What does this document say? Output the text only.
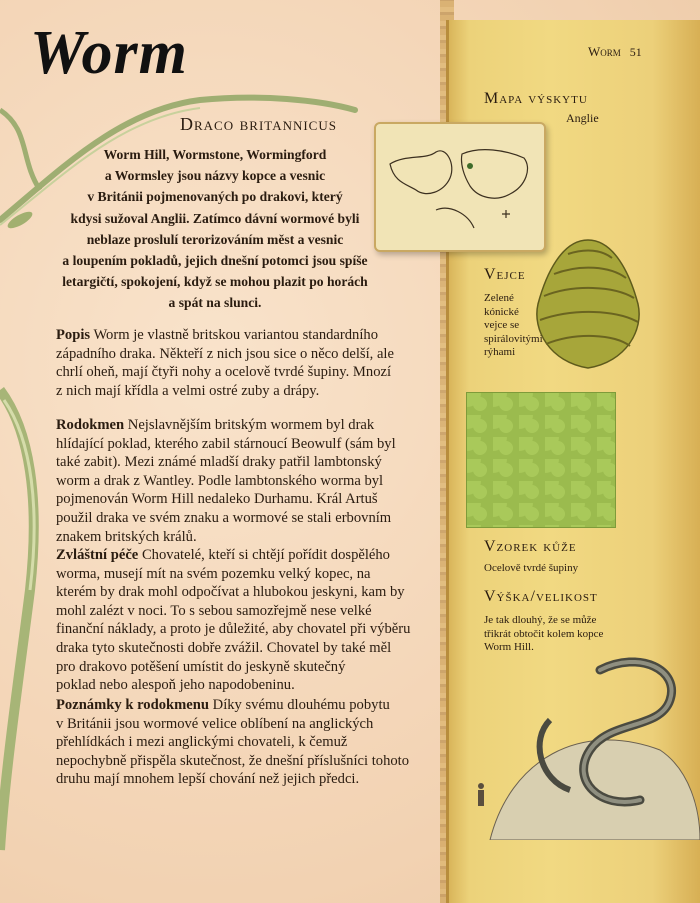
Worm
Draco britannicus

Worm Hill, Wormstone, Wormingford

a Wormsley jsou názvy kopce a vesnic

v Británii pojmenovaných po drakovi, který

kdysi sužoval Anglii. Zatímco dávní wormové byli

neblaze proslulí terorizováním měst a vesnic

a loupením pokladů, jejich dnešní potomci jsou spíše

letargičtí, spokojení, když se mohou plazit po horách

a spát na slunci.

Popis Worm je vlastně britskou variantou standardního

západního draka. Někteří z nich jsou sice o něco delší, ale

chrlí oheň, mají čtyři nohy a ocelově tvrdé šupiny. Mnozí

z nich mají křídla a velmi ostré zuby a drápy.

Rodokmen Nejslavnějším britským wormem byl drak

hlídající poklad, kterého zabil stárnoucí Beowulf (sám byl

také zabit). Mezi známé mladší draky patřil lambtonský

worm a drak z Wantley. Podle lambtonského worma byl

pojmenován Worm Hill nedaleko Durhamu. Král Artuš

použil draka ve svém znaku a wormové se stali erbovním

znakem britských králů.

Zvláštní péče Chovatelé, kteří si chtějí pořídit dospělého

worma, musejí mít na svém pozemku velký kopec, na

kterém by drak mohl odpočívat a hlubokou jeskyni, kam by

mohl zalézt v noci. To s sebou samozřejmě nese velké

finanční náklady, a proto je důležité, aby chovatel při výběru

draka tyto skutečnosti dobře zvážil. Chovatel by také měl

pro drakovo potěšení umístit do jeskyně skutečný

poklad nebo alespoň jeho napodobeninu.

Poznámky k rodokmenu Díky svému dlouhému pobytu

v Británii jsou wormové velice oblíbení na anglických

přehlídkách i mezi anglickými chovateli, k čemuž

nepochybně přispěla skutečnost, že dnešní příslušníci tohoto

druhu mají mnohem lepší chování než jejich předci.

Worm 51
Mapa výskytu
Anglie
Vejce
Zelené
kónické
vejce se
spirálovitými
rýhami
Vzorek kůže
Ocelově tvrdé šupiny
Výška/velikost
Je tak dlouhý, že se může
třikrát obtočit kolem kopce
Worm Hill.
